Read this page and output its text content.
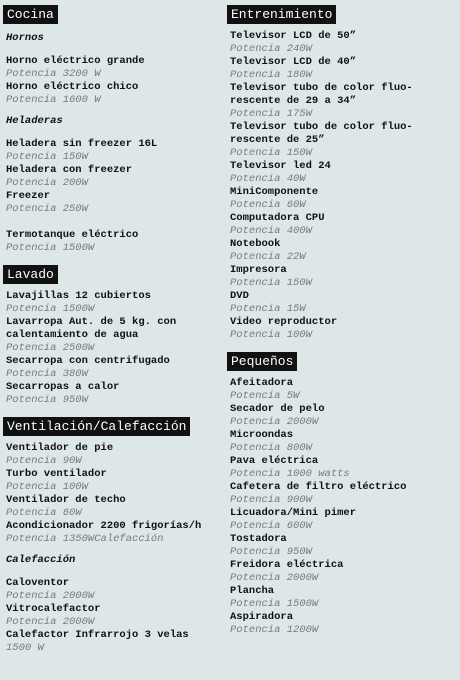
Cocina
Hornos
Horno eléctrico grande
Potencia 3200 W
Horno eléctrico chico
Potencia 1600 W
Heladeras
Heladera sin freezer 16L
Potencia 150W
Heladera con freezer
Potencia 200W
Freezer
Potencia 250W
Termotanque eléctrico
Potencia 1500W
Lavado
Lavajillas 12 cubiertos
Potencia 1500W
Lavarropa Aut. de 5 kg. con calentamiento de agua
Potencia 2500W
Secarropa con centrifugado
Potencia 380W
Secarropas a calor
Potencia 950W
Ventilación/Calefacción
Ventilador de pie
Potencia 90W
Turbo ventilador
Potencia 100W
Ventilador de techo
Potencia 60W
Acondicionador 2200 frigorías/h
Potencia 1350WCalefacción
Calefacción
Caloventor
Potencia 2000W
Vitrocalefactor
Potencia 2000W
Calefactor Infrarrojo 3 velas
1500 W
Entrenimiento
Televisor LCD de 50”
Potencia 240W
Televisor LCD de 40”
Potencia 180W
Televisor tubo de color fluo-rescente de 29 a 34”
Potencia 175W
Televisor tubo de color fluo-rescente de 25”
Potencia 150W
Televisor led 24
Potencia 40W
MiniComponente
Potencia 60W
Computadora CPU
Potencia 400W
Notebook
Potencia 22W
Impresora
Potencia 150W
DVD
Potencia 15W
Video reproductor
Potencia 100W
Pequeños
Afeitadora
Potencia 5W
Secador de pelo
Potencia 2000W
Microondas
Potencia 800W
Pava eléctrica
Potencia 1000 watts
Cafetera de filtro eléctrico
Potencia 900W
Licuadora/Mini pimer
Potencia 600W
Tostadora
Potencia 950W
Freidora eléctrica
Potencia 2000W
Plancha
Potencia 1500W
Aspiradora
Potencia 1200W
